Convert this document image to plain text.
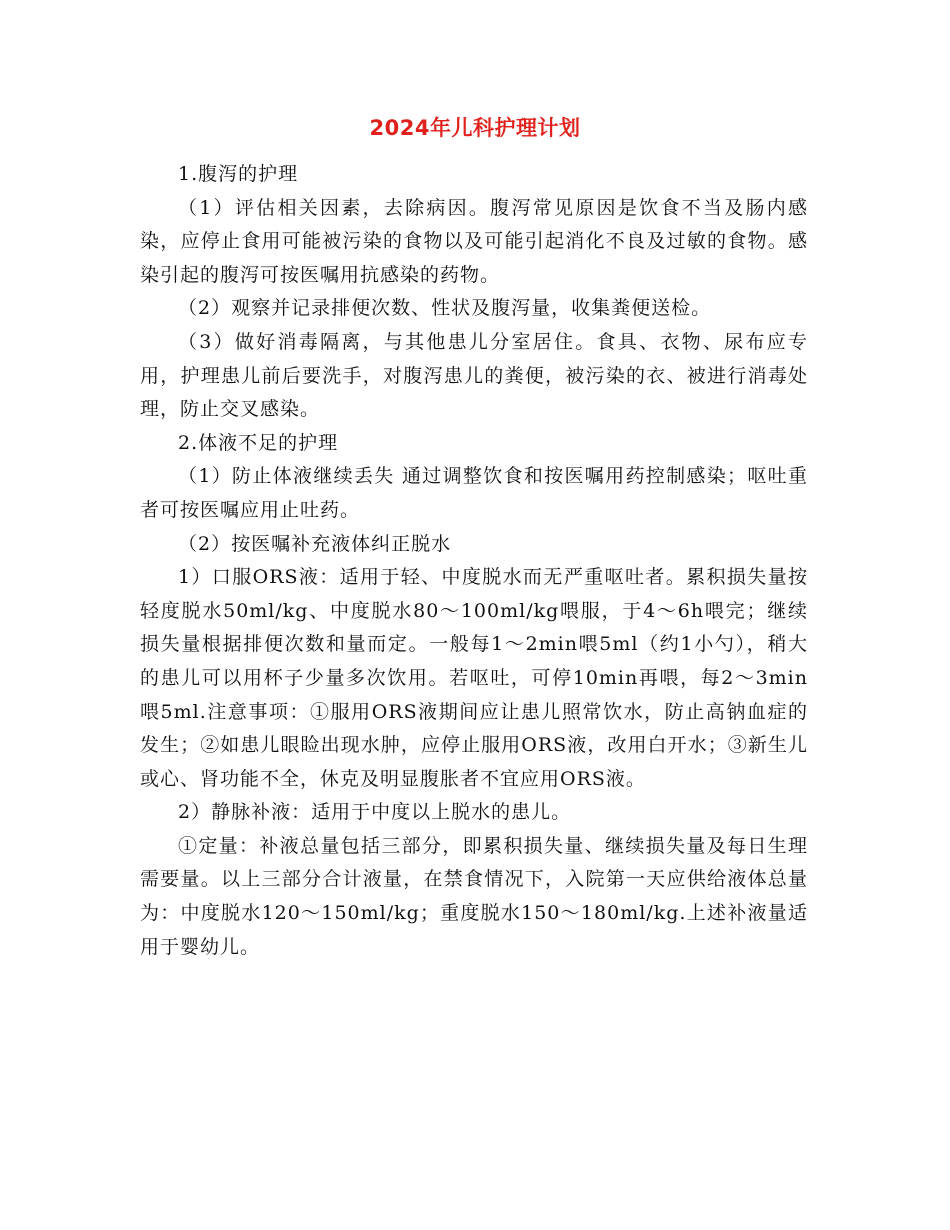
2024年儿科护理计划

1.腹泻的护理

（1）评估相关因素，去除病因。腹泻常见原因是饮食不当及肠内感染，应停止食用可能被污染的食物以及可能引起消化不良及过敏的食物。感染引起的腹泻可按医嘱用抗感染的药物。

（2）观察并记录排便次数、性状及腹泻量，收集粪便送检。

（3）做好消毒隔离，与其他患儿分室居住。食具、衣物、尿布应专用，护理患儿前后要洗手，对腹泻患儿的粪便，被污染的衣、被进行消毒处理，防止交叉感染。

2.体液不足的护理

（1）防止体液继续丢失 通过调整饮食和按医嘱用药控制感染；呕吐重者可按医嘱应用止吐药。

（2）按医嘱补充液体纠正脱水

1）口服ORS液：适用于轻、中度脱水而无严重呕吐者。累积损失量按轻度脱水50ml/kg、中度脱水80～100ml/kg喂服，于4～6h喂完；继续损失量根据排便次数和量而定。一般每1～2min喂5ml（约1小勺），稍大的患儿可以用杯子少量多次饮用。若呕吐，可停10min再喂，每2～3min喂5ml.注意事项：①服用ORS液期间应让患儿照常饮水，防止高钠血症的发生；②如患儿眼睑出现水肿，应停止服用ORS液，改用白开水；③新生儿或心、肾功能不全，休克及明显腹胀者不宜应用ORS液。

2）静脉补液：适用于中度以上脱水的患儿。

①定量：补液总量包括三部分，即累积损失量、继续损失量及每日生理需要量。以上三部分合计液量，在禁食情况下，入院第一天应供给液体总量为：中度脱水120～150ml/kg；重度脱水150～180ml/kg.上述补液量适用于婴幼儿。
